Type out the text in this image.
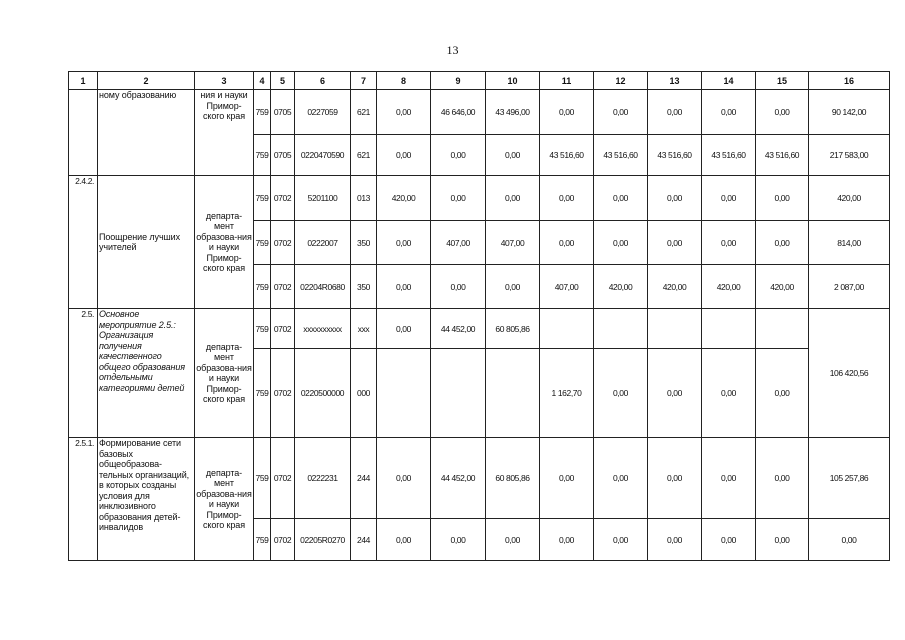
13
1	2	3	4	5	6	7	8	9	10	11	12	13	14	15	16
	ному образованию	ния и науки Примор-ского края	759	0705	0227059	621	0,00	46 646,00	43 496,00	0,00	0,00	0,00	0,00	0,00	90 142,00
			759	0705	0220470590	621	0,00	0,00	0,00	43 516,60	43 516,60	43 516,60	43 516,60	43 516,60	217 583,00
2.4.2.	Поощрение лучших учителей	департа-мент образова-ния и науки Примор-ского края	759	0702	5201100	013	420,00	0,00	0,00	0,00	0,00	0,00	0,00	0,00	420,00
			759	0702	0222007	350	0,00	407,00	407,00	0,00	0,00	0,00	0,00	0,00	814,00
			759	0702	02204R0680	350	0,00	0,00	0,00	407,00	420,00	420,00	420,00	420,00	2 087,00
2.5.	Основное мероприятие 2.5.: Организация получения качественного общего образования отдельными категориями детей	департа-мент образова-ния и науки Примор-ского края	759	0702	xxxxxxxxxx	xxx	0,00	44 452,00	60 805,86						106 420,56
			759	0702	0220500000	000				1 162,70	0,00	0,00	0,00	0,00	
2.5.1.	Формирование сети базовых общеобразова-тельных организаций, в которых созданы условия для инклюзивного образования детей-инвалидов	департа-мент образова-ния и науки Примор-ского края	759	0702	0222231	244	0,00	44 452,00	60 805,86	0,00	0,00	0,00	0,00	0,00	105 257,86
			759	0702	02205R0270	244	0,00	0,00	0,00	0,00	0,00	0,00	0,00	0,00	0,00
